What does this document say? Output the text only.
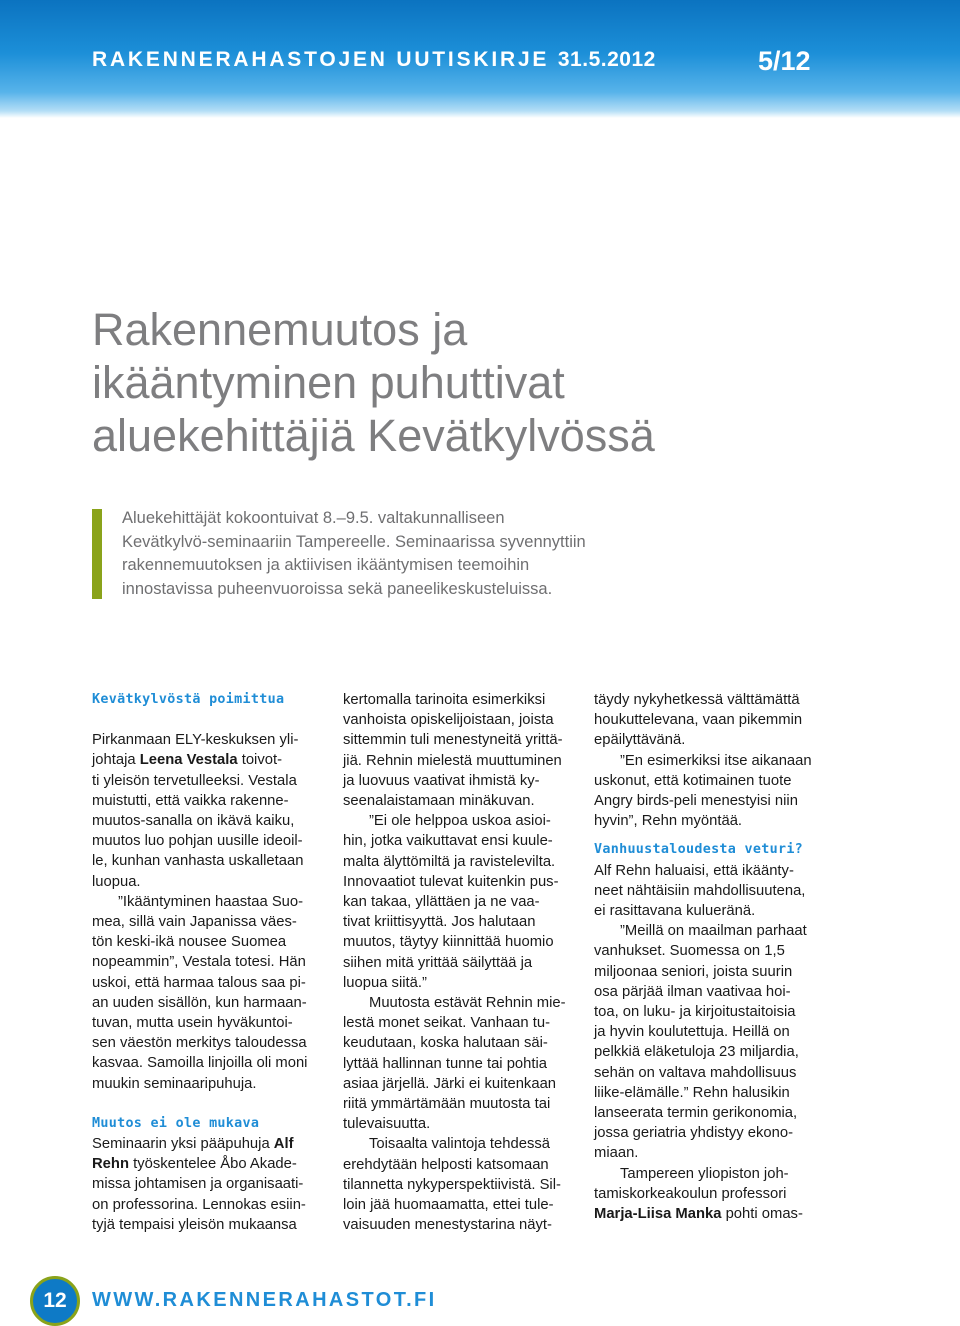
RAKENNERAHASTOJEN UUTISKIRJE 31.5.2012	5/12
Rakennemuutos ja
ikääntyminen puhuttivat
aluekehittäjiä Kevätkylvössä
Aluekehittäjät kokoontuivat 8.–9.5. valtakunnalliseen
Kevätkylvö-seminaariin Tampereelle. Seminaarissa syvennyttiin
rakennemuutoksen ja aktiivisen ikääntymisen teemoihin
innostavissa puheenvuoroissa sekä paneelikeskusteluissa.
Kevätkylvöstä poimittua
Pirkanmaan ELY-keskuksen yli-
johtaja Leena Vestala toivot-
ti yleisön tervetulleeksi. Vestala
muistutti, että vaikka rakenne-
muutos-sanalla on ikävä kaiku,
muutos luo pohjan uusille ideoil-
le, kunhan vanhasta uskalletaan
luopua.
”Ikääntyminen haastaa Suo-
mea, sillä vain Japanissa väes-
tön keski-ikä nousee Suomea
nopeammin”, Vestala totesi. Hän
uskoi, että harmaa talous saa pi-
an uuden sisällön, kun harmaan-
tuvan, mutta usein hyväkuntoi-
sen väestön merkitys taloudessa
kasvaa. Samoilla linjoilla oli moni
muukin seminaaripuhuja.
Muutos ei ole mukava
Seminaarin yksi pääpuhuja Alf
Rehn työskentelee Åbo Akade-
missa johtamisen ja organisaati-
on professorina. Lennokas esiin-
tyjä tempaisi yleisön mukaansa
kertomalla tarinoita esimerkiksi
vanhoista opiskelijoistaan, joista
sittemmin tuli menestyneitä yrittä-
jiä. Rehnin mielestä muuttuminen
ja luovuus vaativat ihmistä ky-
seenalaistamaan minäkuvan.
”Ei ole helppoa uskoa asioi-
hin, jotka vaikuttavat ensi kuule-
malta älyttömiltä ja ravistelevilta.
Innovaatiot tulevat kuitenkin pus-
kan takaa, yllättäen ja ne vaa-
tivat kriittisyyttä. Jos halutaan
muutos, täytyy kiinnittää huomio
siihen mitä yrittää säilyttää ja
luopua siitä.”
Muutosta estävät Rehnin mie-
lestä monet seikat. Vanhaan tu-
keudutaan, koska halutaan säi-
lyttää hallinnan tunne tai pohtia
asiaa järjellä. Järki ei kuitenkaan
riitä ymmärtämään muutosta tai
tulevaisuutta.
Toisaalta valintoja tehdessä
erehdytään helposti katsomaan
tilannetta nykyperspektiivistä. Sil-
loin jää huomaamatta, ettei tule-
vaisuuden menestystarina näyt-
täydy nykyhetkessä välttämättä
houkuttelevana, vaan pikemmin
epäilyttävänä.
”En esimerkiksi itse aikanaan
uskonut, että kotimainen tuote
Angry birds-peli menestyisi niin
hyvin”, Rehn myöntää.
Vanhuustaloudesta veturi?
Alf Rehn haluaisi, että ikäänty-
neet nähtäisiin mahdollisuutena,
ei rasittavana kulueränä.
”Meillä on maailman parhaat
vanhukset. Suomessa on 1,5
miljoonaa seniori, joista suurin
osa pärjää ilman vaativaa hoi-
toa, on luku- ja kirjoitustaitoisia
ja hyvin koulutettuja. Heillä on
pelkkiä eläketuloja 23 miljardia,
sehän on valtava mahdollisuus
liike-elämälle.” Rehn halusikin
lanseerata termin gerikonomia,
jossa geriatria yhdistyy ekono-
miaan.
Tampereen yliopiston joh-
tamiskorkeakoulun professori
Marja-Liisa Manka pohti omas-
12	WWW.RAKENNERAHASTOT.FI
